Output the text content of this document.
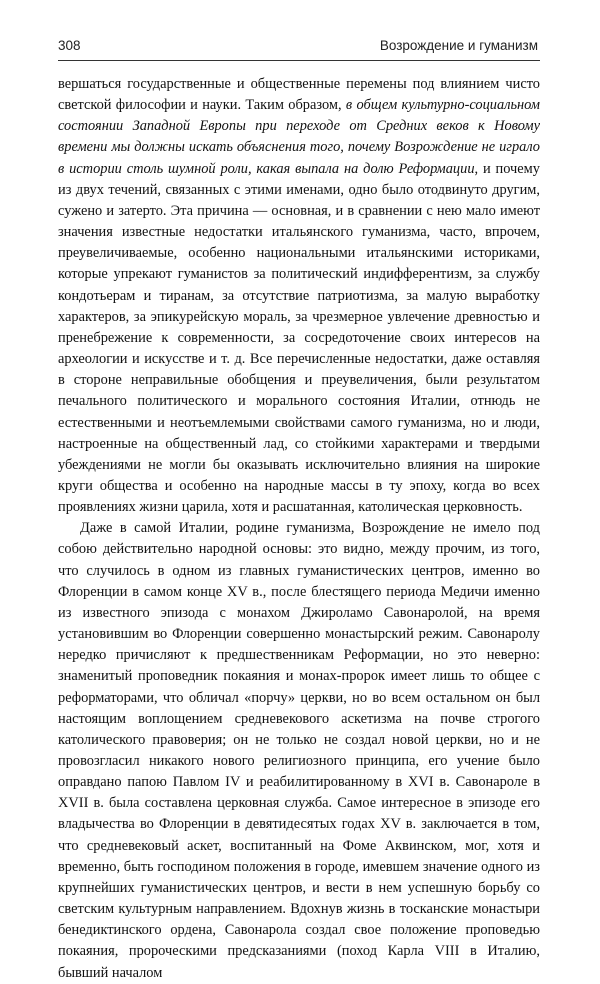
308	Возрождение и гуманизм

вершаться государственные и общественные перемены под влиянием чисто светской философии и науки. Таким образом, в общем культурно-социальном состоянии Западной Европы при переходе от Средних веков к Новому времени мы должны искать объяснения того, почему Возрождение не играло в истории столь шумной роли, какая выпала на долю Реформации, и почему из двух течений, связанных с этими именами, одно было отодвинуто другим, сужено и затерто. Эта причина — основная, и в сравнении с нею мало имеют значения известные недостатки итальянского гуманизма, часто, впрочем, преувеличиваемые, особенно национальными итальянскими историками, которые упрекают гуманистов за политический индифферентизм, за службу кондотьерам и тиранам, за отсутствие патриотизма, за малую выработку характеров, за эпикурейскую мораль, за чрезмерное увлечение древностью и пренебрежение к современности, за сосредоточение своих интересов на археологии и искусстве и т. д. Все перечисленные недостатки, даже оставляя в стороне неправильные обобщения и преувеличения, были результатом печального политического и морального состояния Италии, отнюдь не естественными и неотъемлемыми свойствами самого гуманизма, но и люди, настроенные на общественный лад, со стойкими характерами и твердыми убеждениями не могли бы оказывать исключительно влияния на широкие круги общества и особенно на народные массы в ту эпоху, когда во всех проявлениях жизни царила, хотя и расшатанная, католическая церковность.

Даже в самой Италии, родине гуманизма, Возрождение не имело под собою действительно народной основы: это видно, между прочим, из того, что случилось в одном из главных гуманистических центров, именно во Флоренции в самом конце XV в., после блестящего периода Медичи именно из известного эпизода с монахом Джироламо Савонаролой, на время установившим во Флоренции совершенно монастырский режим. Савонаролу нередко причисляют к предшественникам Реформации, но это неверно: знаменитый проповедник покаяния и монах-пророк имеет лишь то общее с реформаторами, что обличал «порчу» церкви, но во всем остальном он был настоящим воплощением средневекового аскетизма на почве строгого католического правоверия; он не только не создал новой церкви, но и не провозгласил никакого нового религиозного принципа, его учение было оправдано папою Павлом IV и реабилитированному в XVI в. Савонароле в XVII в. была составлена церковная служба. Самое интересное в эпизоде его владычества во Флоренции в девятидесятых годах XV в. заключается в том, что средневековый аскет, воспитанный на Фоме Аквинском, мог, хотя и временно, быть господином положения в городе, имевшем значение одного из крупнейших гуманистических центров, и вести в нем успешную борьбу со светским культурным направлением. Вдохнув жизнь в тосканские монастыри бенедиктинского ордена, Савонарола создал свое положение проповедью покаяния, пророческими предсказаниями (поход Карла VIII в Италию, бывший началом
